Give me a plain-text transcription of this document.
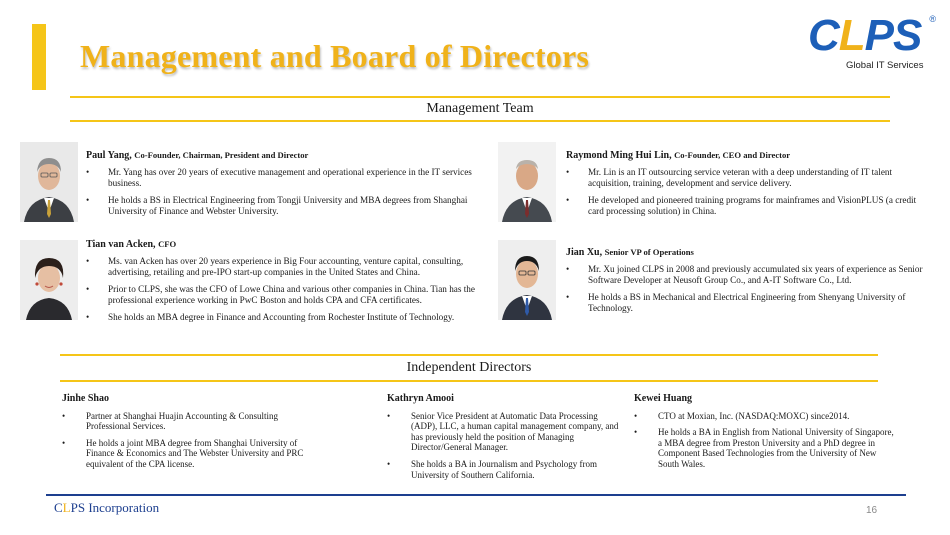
Management and Board of Directors	CLPS ®
Global IT Services
Management Team
Paul Yang, Co-Founder, Chairman, President and Director
• Mr. Yang has over 20 years of executive management and operational experience in the IT services business.
• He holds a BS in Electrical Engineering from Tongji University and MBA degrees from Shanghai University of Finance and Webster University.
Tian van Acken, CFO
• Ms. van Acken has over 20 years experience in Big Four accounting, venture capital, consulting, advertising, retailing and pre-IPO start-up companies in the United States and China.
• Prior to CLPS, she was the CFO of Lowe China and various other companies in China. Tian has the professional experience working in PwC Boston and holds CPA and CFA certificates.
• She holds an MBA degree in Finance and Accounting from Rochester Institute of Technology.
Raymond Ming Hui Lin, Co-Founder, CEO and Director
• Mr. Lin is an IT outsourcing service veteran with a deep understanding of IT talent acquisition, training, development and service delivery.
• He developed and pioneered training programs for mainframes and VisionPLUS (a credit card processing solution) in China.
Jian Xu, Senior VP of Operations
• Mr. Xu joined CLPS in 2008 and previously accumulated six years of experience as Senior Software Developer at Neusoft Group Co., and A-IT Software Co., Ltd.
• He holds a BS in Mechanical and Electrical Engineering from Shenyang University of Technology.
Independent Directors
Jinhe Shao
• Partner at Shanghai Huajin Accounting & Consulting Professional Services.
• He holds a joint MBA degree from Shanghai University of Finance & Economics and The Webster University and PRC equivalent of the CPA license.
Kathryn Amooi
• Senior Vice President at Automatic Data Processing (ADP), LLC, a human capital management company, and has previously held the position of Managing Director/General Manager.
• She holds a BA in Journalism and Psychology from University of Southern California.
Kewei Huang
• CTO at Moxian, Inc. (NASDAQ:MOXC) since2014.
• He holds a BA in English from National University of Singapore, a MBA degree from Preston University and a PhD degree in Component Based Technologies from the University of New South Wales.
CLPS Incorporation	16
